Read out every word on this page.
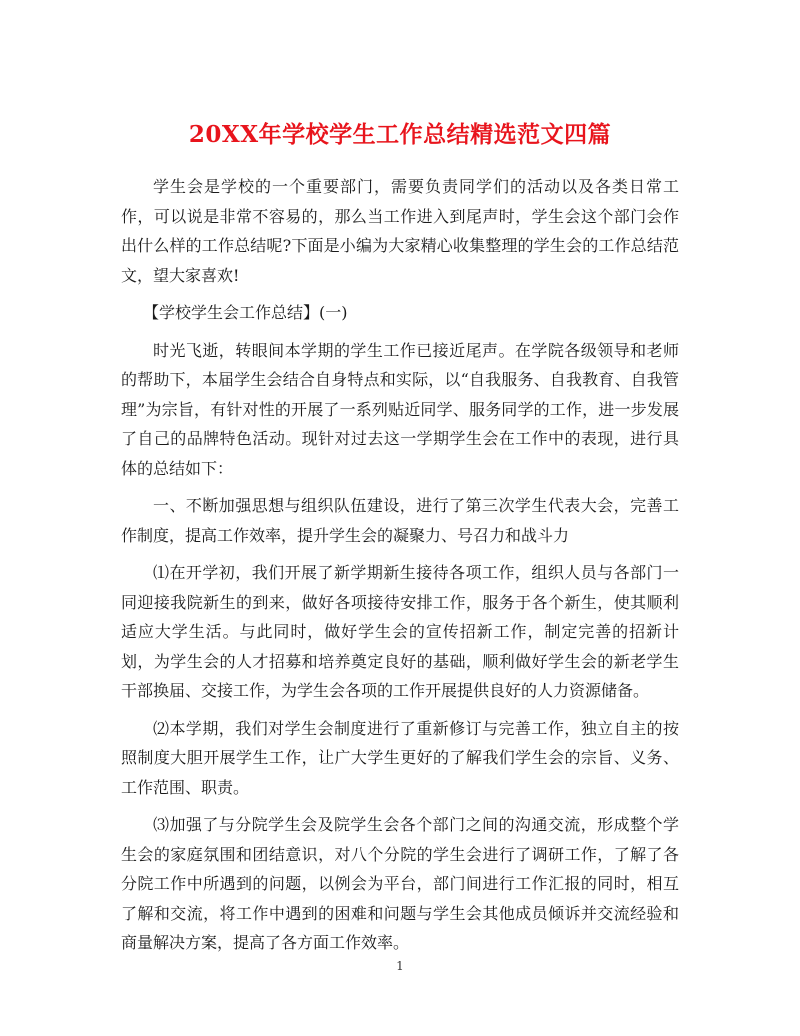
20XX年学校学生工作总结精选范文四篇

学生会是学校的一个重要部门，需要负责同学们的活动以及各类日常工作，可以说是非常不容易的，那么当工作进入到尾声时，学生会这个部门会作出什么样的工作总结呢?下面是小编为大家精心收集整理的学生会的工作总结范文，望大家喜欢!

【学校学生会工作总结】(一)

时光飞逝，转眼间本学期的学生工作已接近尾声。在学院各级领导和老师的帮助下，本届学生会结合自身特点和实际，以“自我服务、自我教育、自我管理”为宗旨，有针对性的开展了一系列贴近同学、服务同学的工作，进一步发展了自己的品牌特色活动。现针对过去这一学期学生会在工作中的表现，进行具体的总结如下：

一、不断加强思想与组织队伍建设，进行了第三次学生代表大会，完善工作制度，提高工作效率，提升学生会的凝聚力、号召力和战斗力

⑴在开学初，我们开展了新学期新生接待各项工作，组织人员与各部门一同迎接我院新生的到来，做好各项接待安排工作，服务于各个新生，使其顺利适应大学生活。与此同时，做好学生会的宣传招新工作，制定完善的招新计划，为学生会的人才招募和培养奠定良好的基础，顺利做好学生会的新老学生干部换届、交接工作，为学生会各项的工作开展提供良好的人力资源储备。

⑵本学期，我们对学生会制度进行了重新修订与完善工作，独立自主的按照制度大胆开展学生工作，让广大学生更好的了解我们学生会的宗旨、义务、工作范围、职责。

⑶加强了与分院学生会及院学生会各个部门之间的沟通交流，形成整个学生会的家庭氛围和团结意识，对八个分院的学生会进行了调研工作，了解了各分院工作中所遇到的问题，以例会为平台，部门间进行工作汇报的同时，相互了解和交流，将工作中遇到的困难和问题与学生会其他成员倾诉并交流经验和商量解决方案，提高了各方面工作效率。

1
